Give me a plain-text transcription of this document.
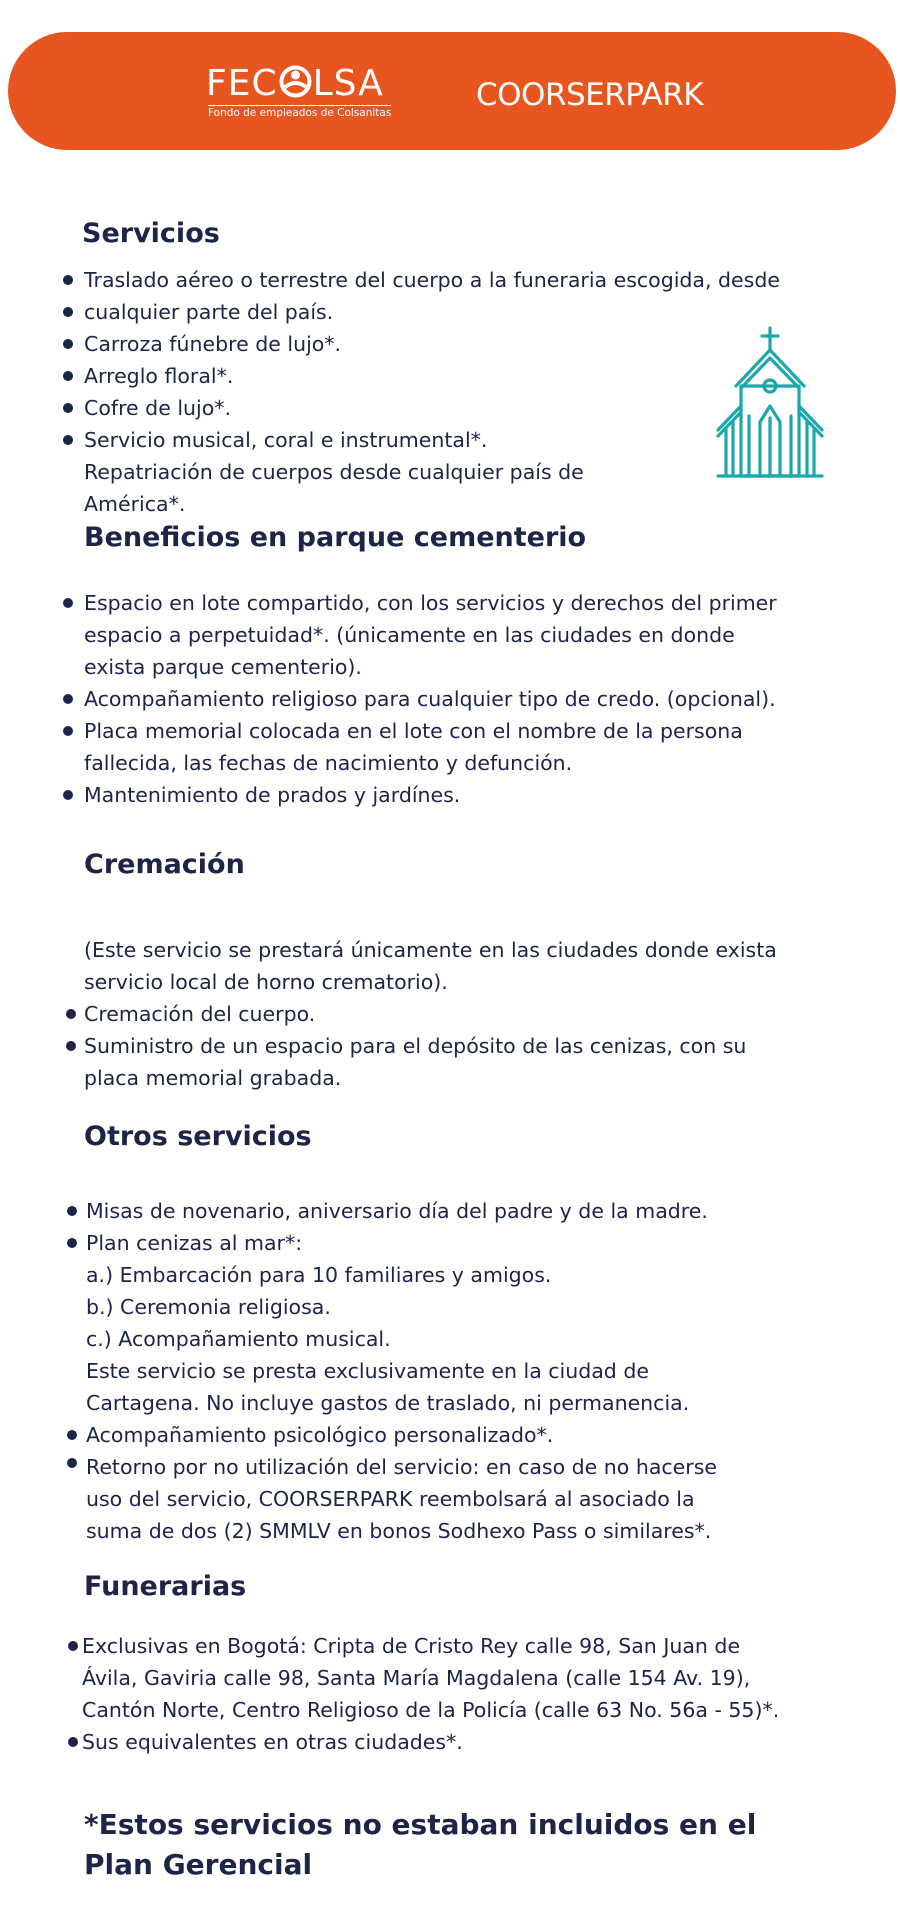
FEC LSA
Fondo de empleados de Colsanitas	COORSERPARK
Servicios
Traslado aéreo o terrestre del cuerpo a la funeraria escogida, desde
cualquier parte del país.
Carroza fúnebre de lujo*.
Arreglo floral*.
Cofre de lujo*.
Servicio musical, coral e instrumental*.
Repatriación de cuerpos desde cualquier país de
América*.
Beneficios en parque cementerio
Espacio en lote compartido, con los servicios y derechos del primer
espacio a perpetuidad*. (únicamente en las ciudades en donde
exista parque cementerio).
Acompañamiento religioso para cualquier tipo de credo. (opcional).
Placa memorial colocada en el lote con el nombre de la persona
fallecida, las fechas de nacimiento y defunción.
Mantenimiento de prados y jardínes.
Cremación
(Este servicio se prestará únicamente en las ciudades donde exista
servicio local de horno crematorio).
Cremación del cuerpo.
Suministro de un espacio para el depósito de las cenizas, con su
placa memorial grabada.
Otros servicios
Misas de novenario, aniversario día del padre y de la madre.
Plan cenizas al mar*:
a.) Embarcación para 10 familiares y amigos.
b.) Ceremonia religiosa.
c.) Acompañamiento musical.
Este servicio se presta exclusivamente en la ciudad de
Cartagena. No incluye gastos de traslado, ni permanencia.
Acompañamiento psicológico personalizado*.
Retorno por no utilización del servicio: en caso de no hacerse
uso del servicio, COORSERPARK reembolsará al asociado la
suma de dos (2) SMMLV en bonos Sodhexo Pass o similares*.
Funerarias
Exclusivas en Bogotá: Cripta de Cristo Rey calle 98, San Juan de
Ávila, Gaviria calle 98, Santa María Magdalena (calle 154 Av. 19),
Cantón Norte, Centro Religioso de la Policía (calle 63 No. 56a - 55)*.
Sus equivalentes en otras ciudades*.
*Estos servicios no estaban incluidos en el
Plan Gerencial
